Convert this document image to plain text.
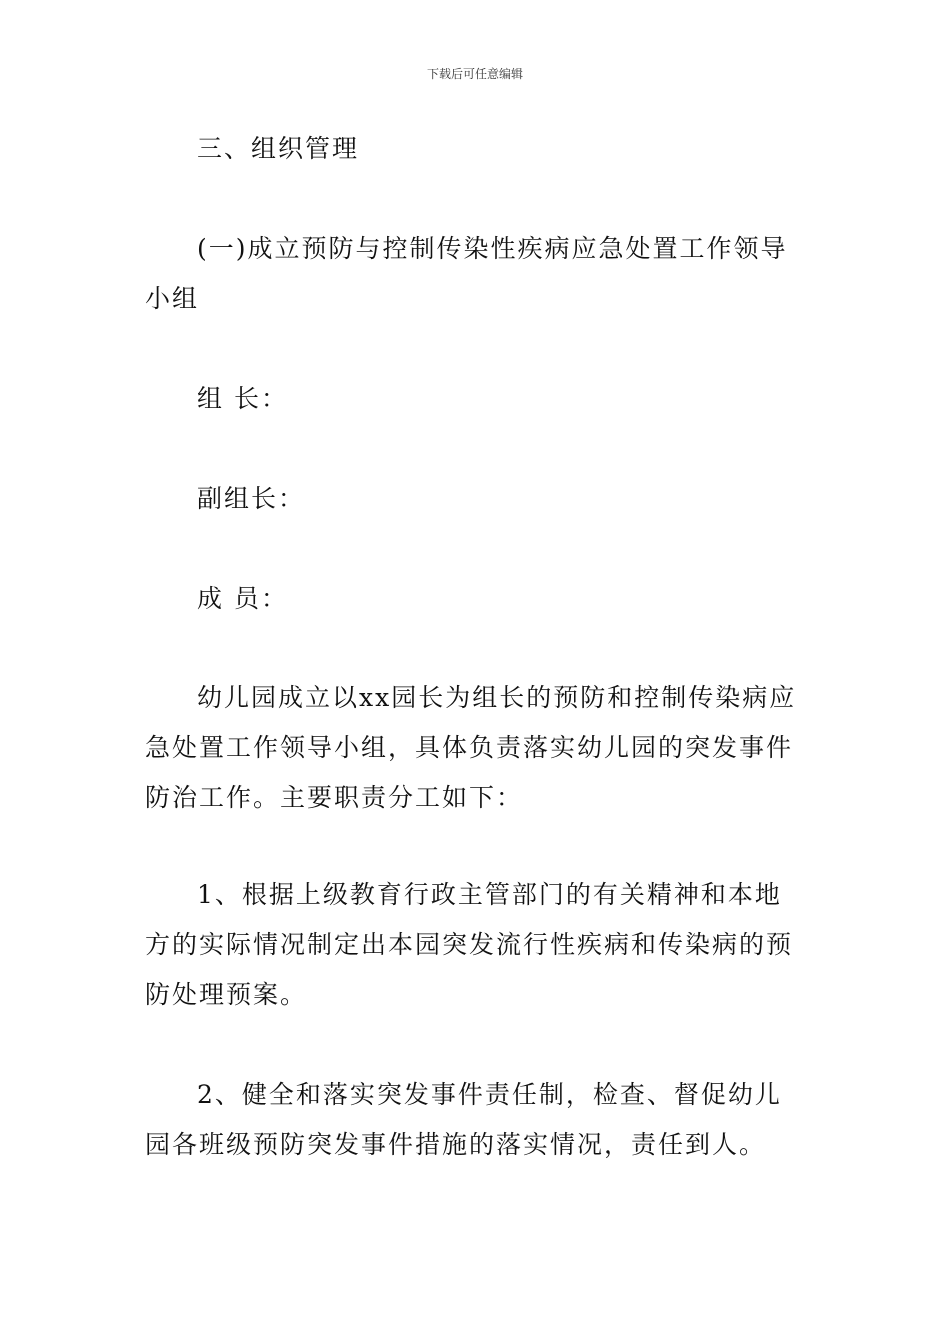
下载后可任意编辑

三、组织管理

(一)成立预防与控制传染性疾病应急处置工作领导小组

组 长：

副组长：

成 员：

幼儿园成立以xx园长为组长的预防和控制传染病应急处置工作领导小组，具体负责落实幼儿园的突发事件防治工作。主要职责分工如下：

1、根据上级教育行政主管部门的有关精神和本地方的实际情况制定出本园突发流行性疾病和传染病的预防处理预案。

2、健全和落实突发事件责任制，检查、督促幼儿园各班级预防突发事件措施的落实情况，责任到人。
